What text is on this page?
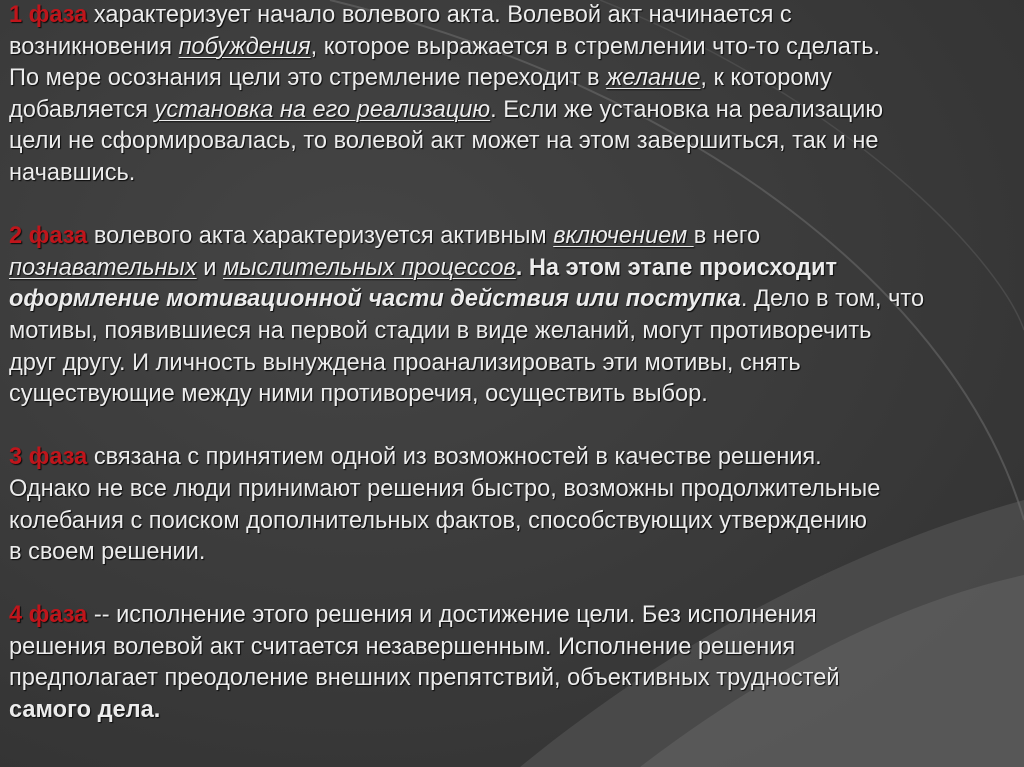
1 фаза характеризует начало волевого акта. Волевой акт начинается с
возникновения побуждения, которое выражается в стремлении что-то сделать.
По мере осознания цели это стремление переходит в желание, к которому
добавляется установка на его реализацию. Если же установка на реализацию
цели не сформировалась, то волевой акт может на этом завершиться, так и не
начавшись.
2 фаза волевого акта характеризуется активным включением в него
познавательных и мыслительных процессов. На этом этапе происходит
оформление мотивационной части действия или поступка. Дело в том, что
мотивы, появившиеся на первой стадии в виде желаний, могут противоречить
друг другу. И личность вынуждена проанализировать эти мотивы, снять
существующие между ними противоречия, осуществить выбор.
3 фаза связана с принятием одной из возможностей в качестве решения.
Однако не все люди принимают решения быстро, возможны продолжительные
колебания с поиском дополнительных фактов, способствующих утверждению
в своем решении.
4 фаза -- исполнение этого решения и достижение цели. Без исполнения
решения волевой акт считается незавершенным. Исполнение решения
предполагает преодоление внешних препятствий, объективных трудностей
самого дела.
